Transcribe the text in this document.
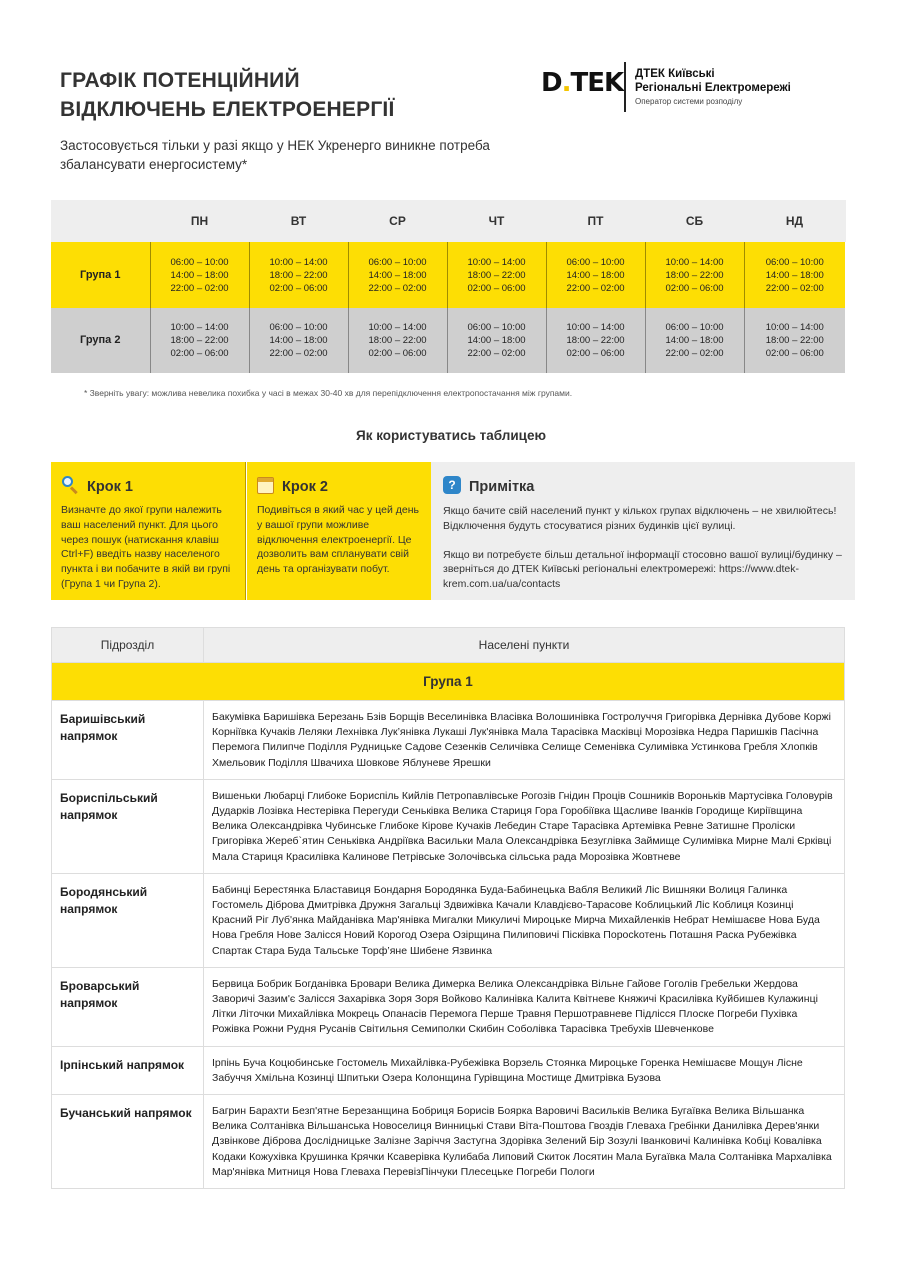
ГРАФІК ПОТЕНЦІЙНИЙ
ВІДКЛЮЧЕНЬ ЕЛЕКТРОЕНЕРГІЇ
Застосовується тільки у разі якщо у НЕК Укренерго виникне потреба збалансувати енергосистему*
D.TEK ДТЕК Київські
Регіональні Електромережі
Оператор системи розподілу
	ПН	ВТ	СР	ЧТ	ПТ	СБ	НД
Група 1	06:00 – 10:00
14:00 – 18:00
22:00 – 02:00	10:00 – 14:00
18:00 – 22:00
02:00 – 06:00	06:00 – 10:00
14:00 – 18:00
22:00 – 02:00	10:00 – 14:00
18:00 – 22:00
02:00 – 06:00	06:00 – 10:00
14:00 – 18:00
22:00 – 02:00	10:00 – 14:00
18:00 – 22:00
02:00 – 06:00	06:00 – 10:00
14:00 – 18:00
22:00 – 02:00

Група 2	10:00 – 14:00
18:00 – 22:00
02:00 – 06:00	06:00 – 10:00
14:00 – 18:00
22:00 – 02:00	10:00 – 14:00
18:00 – 22:00
02:00 – 06:00	06:00 – 10:00
14:00 – 18:00
22:00 – 02:00	10:00 – 14:00
18:00 – 22:00
02:00 – 06:00	06:00 – 10:00
14:00 – 18:00
22:00 – 02:00	10:00 – 14:00
18:00 – 22:00
02:00 – 06:00
* Зверніть увагу: можлива невелика похибка у часі в межах 30-40 хв для перепідключення електропостачання між групами.
Як користуватись таблицею
Крок 1
Визначте до якої групи належить ваш населений пункт. Для цього через пошук (натискання клавіш Ctrl+F) введіть назву населеного пункта і ви побачите в якій ви групі (Група 1 чи Група 2).
Крок 2
Подивіться в який час у цей день у вашої групи можливе відключення електроенергії. Це дозволить вам спланувати свій день та організувати побут.
? Примітка

Якщо бачите свій населений пункт у кількох групах відключень – не хвилюйтесь! Відключення будуть стосуватися різних будинків цієї вулиці.

Якщо ви потребуєте більш детальної інформації стосовно вашої вулиці/будинку – зверніться до ДТЕК Київські регіональні електромережі: https://www.dtek-krem.com.ua/ua/contacts

Підрозділ	Населені пункти
Група 1	
Баришівський напрямок	Бакумівка Баришівка Березань Бзів Борщів Веселинівка Власівка Волошинівка Гостролуччя Григорівка Дернівка Дубове Коржі Корніївка Кучаків Леляки Лехнівка Лук’янівка Лукаші Лук'янівка Мала Тарасівка Масківці Морозівка Недра Паришків Пасічна Перемога Пилипче Поділля Рудницьке Садове Сезенків Селичівка Селище Семенівка Сулимівка Устинкова Гребля Хлопків Хмельовик Поділля Швачиха Шовкове Яблуневе Ярешки
Бориспільський напрямок	Вишеньки Любарці Глибоке Бориспіль Кийлів Петропавлівське Рогозів Гнідин Проців Сошників Вороньків Мартусівка Головурів Дударків Лозівка Нестерівка Перегуди Сеньківка Велика Стариця Гора Горобіївка Щасливе Іванків Городище Киріївщина Велика Олександрівка Чубинське Глибоке Кірове Кучаків Лебедин Старе Тарасівка Артемівка Ревне Затишне Пролiски Григорівка Жереб`ятин Сеньківка Андріївка Васильки Мала Олександрівка Безуглівка Займище Сулимівка Мирне Малі Єрківці Мала Стариця Красилівка Калинове Петрівське Золочівська сільська рада Морозівка Жовтневе
Бородянський напрямок	Бабинці Берестянка Бластавиця Бондарня Бородянка Буда-Бабинецька Вабля Великий Ліс Вишняки Волиця Галинка Гостомель Діброва Дмитрівка Дружня Загальці Здвижівка Качали Клавдієво-Тарасове Коблицький Ліс Коблиця Козинці Красний Ріг Луб'янка Майданівка Мар'янівка Мигалки Микуличі Мироцьке Мирча Михайленків Небрат Немішаєве Нова Буда Нова Гребля Нове Залісся Новий Корогод Озера Озірщина Пилиповичі Пісківка Поросkотень Поташня Раска Рубежівка Спартак Стара Буда Тальське Торф’яне Шибене Язвинка
Броварський напрямок	Бервица Бобрик Богданівка Бровари Велика Димерка Велика Олександрівка Вільне Гайове Гоголів Гребельки Жердова Заворичі Зазим'є Залісся Захарівка Зоря Зоря Войково Калинівка Калита Квітневе Княжичі Красилівка Куйбишев Кулажинці Літки Літочки Михайлівка Мокрець Опанасів Перемога Перше Травня Першотравневе Підлісся Плоске Погреби Пухівка Рожівка Рожни Рудня Русанів Світильня Семиполки Скибин Соболівка Тарасівка Требухів Шевченкове
Ірпінський напрямок	Ірпінь Буча Коцюбинське Гостомель Михайлівка-Рубежівка Ворзель Стоянка Мироцьке Горенка Немішаєве Мощун Лісне Забуччя Хмільна Козинці Шпитьки Озера Колонщина Гурівщина Мостище Дмитрівка Бузова
Бучанський напрямок	Багрин Барахти Безп'ятне Березанщина Бобриця Борисів Боярка Варовичі Васильків Велика Бугаївка Велика Вільшанка Велика Солтанівка Вільшанська Новоселиця Винницькі Стави Віта-Поштова Гвоздів Глеваха Гребінки Данилівка Дерев'янки Дзвінкове Діброва Дослідницьке Залізне Заріччя Застугна Здорівка Зелений Бір Зозулі Іванковичі Калинівка Кобці Ковалівка Кодаки Кожухівка Крушинка Крячки Ксаверівка Кулибаба Липовий Скиток Лосятин Мала Бугаївка Мала Солтанівка Мархалівка Мар'янівка Митниця Нова Глеваха ПеревізПінчуки Плесецьке Погреби Пологи
